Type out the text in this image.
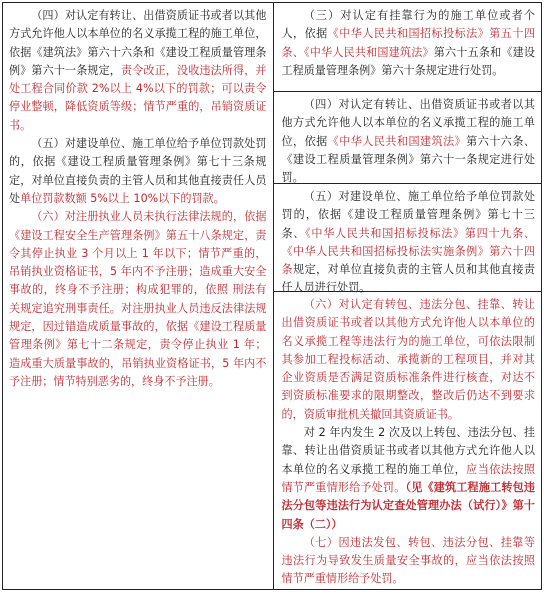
（四）对认定有转让、出借资质证书或者以其他方式允许他人以本单位的名义承揽工程的施工单位，依据《建筑法》第六十六条和《建设工程质量管理条例》第六十一条规定，责令改正，没收违法所得，并处工程合同价款 2%以上 4%以下的罚款；可以责令停业整顿，降低资质等级；情节严重的，吊销资质证书。

（五）对建设单位、施工单位给予单位罚款处罚的，依据《建设工程质量管理条例》第七十三条规定，对单位直接负责的主管人员和其他直接责任人员处单位罚款数额 5%以上 10%以下的罚款。

（六）对注册执业人员未执行法律法规的，依据《建设工程安全生产管理条例》第五十八条规定，责令其停止执业 3 个月以上 1 年以下；情节严重的，吊销执业资格证书，5 年内不予注册；造成重大安全事故的，终身不予注册；构成犯罪的，依照 刑法有关规定追究刑事责任。对注册执业人员违反法律法规规定，因过错造成质量事故的，依据《建设工程质量管理条例》第七十二条规定，责令停止执业 1 年；造成重大质量事故的，吊销执业资格证书，5 年内不予注册；情节特别恶劣的，终身不予注册。

（三）对认定有挂靠行为的施工单位或者个人，依据《中华人民共和国招标投标法》第五十四条、《中华人民共和国建筑法》第六十五条和《建设工程质量管理条例》第六十条规定进行处罚。

（四）对认定有转让、出借资质证书或者以其他方式允许他人以本单位的名义承揽工程的施工单位，依据《中华人民共和国建筑法》第六十六条、《建设工程质量管理条例》第六十一条规定进行处罚。

（五）对建设单位、施工单位给予单位罚款处罚的，依据《建设工程质量管理条例》第七十三条、《中华人民共和国招标投标法》第四十九条、《中华人民共和国招标投标法实施条例》第六十四条规定，对单位直接负责的主管人员和其他直接责任人员进行处罚。

（六）对认定有转包、违法分包、挂靠、转让出借资质证书或者以其他方式允许他人以本单位的名义承揽工程等违法行为的施工单位，可依法限制其参加工程投标活动、承揽新的工程项目，并对其企业资质是否满足资质标准条件进行核查，对达不到资质标准要求的限期整改，整改后仍达不到要求的，资质审批机关撤回其资质证书。

对 2 年内发生 2 次及以上转包、违法分包、挂靠、转让出借资质证书或者以其他方式允许他人以本单位的名义承揽工程的施工单位，应当依法按照情节严重情形给予处罚。（见《建筑工程施工转包违法分包等违法行为认定查处管理办法（试行）》第十四条（二））

（七）因违法发包、转包、违法分包、挂靠等违法行为导致发生质量安全事故的，应当依法按照情节严重情形给予处罚。
